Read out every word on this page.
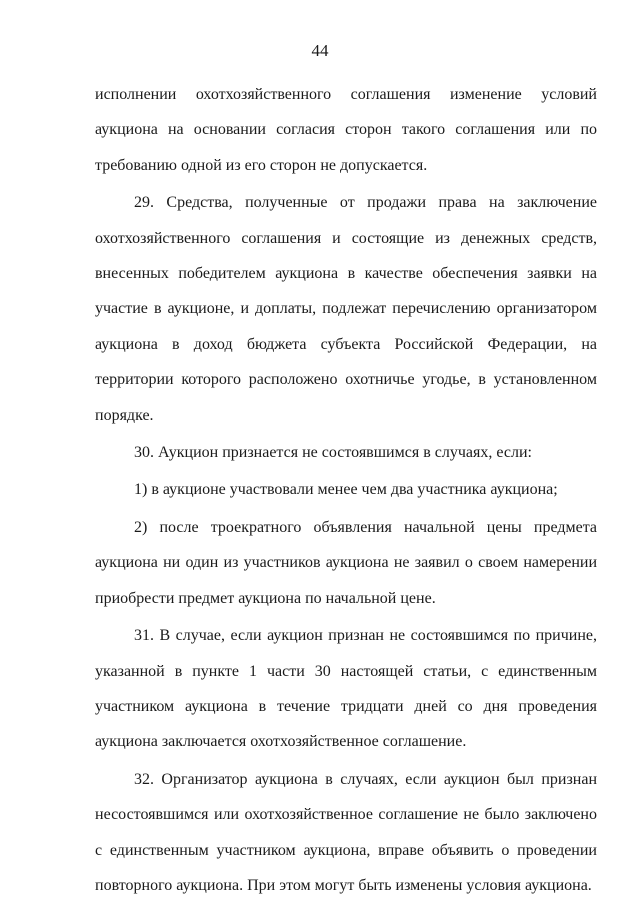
44

исполнении охотхозяйственного соглашения изменение условий аукциона на основании согласия сторон такого соглашения или по требованию одной из его сторон не допускается.

29. Средства, полученные от продажи права на заключение охотхозяйственного соглашения и состоящие из денежных средств, внесенных победителем аукциона в качестве обеспечения заявки на участие в аукционе, и доплаты, подлежат перечислению организатором аукциона в доход бюджета субъекта Российской Федерации, на территории которого расположено охотничье угодье, в установленном порядке.

30. Аукцион признается не состоявшимся в случаях, если:

1) в аукционе участвовали менее чем два участника аукциона;

2) после троекратного объявления начальной цены предмета аукциона ни один из участников аукциона не заявил о своем намерении приобрести предмет аукциона по начальной цене.

31. В случае, если аукцион признан не состоявшимся по причине, указанной в пункте 1 части 30 настоящей статьи, с единственным участником аукциона в течение тридцати дней со дня проведения аукциона заключается охотхозяйственное соглашение.

32. Организатор аукциона в случаях, если аукцион был признан несостоявшимся или охотхозяйственное соглашение не было заключено с единственным участником аукциона, вправе объявить о проведении повторного аукциона. При этом могут быть изменены условия аукциона.
